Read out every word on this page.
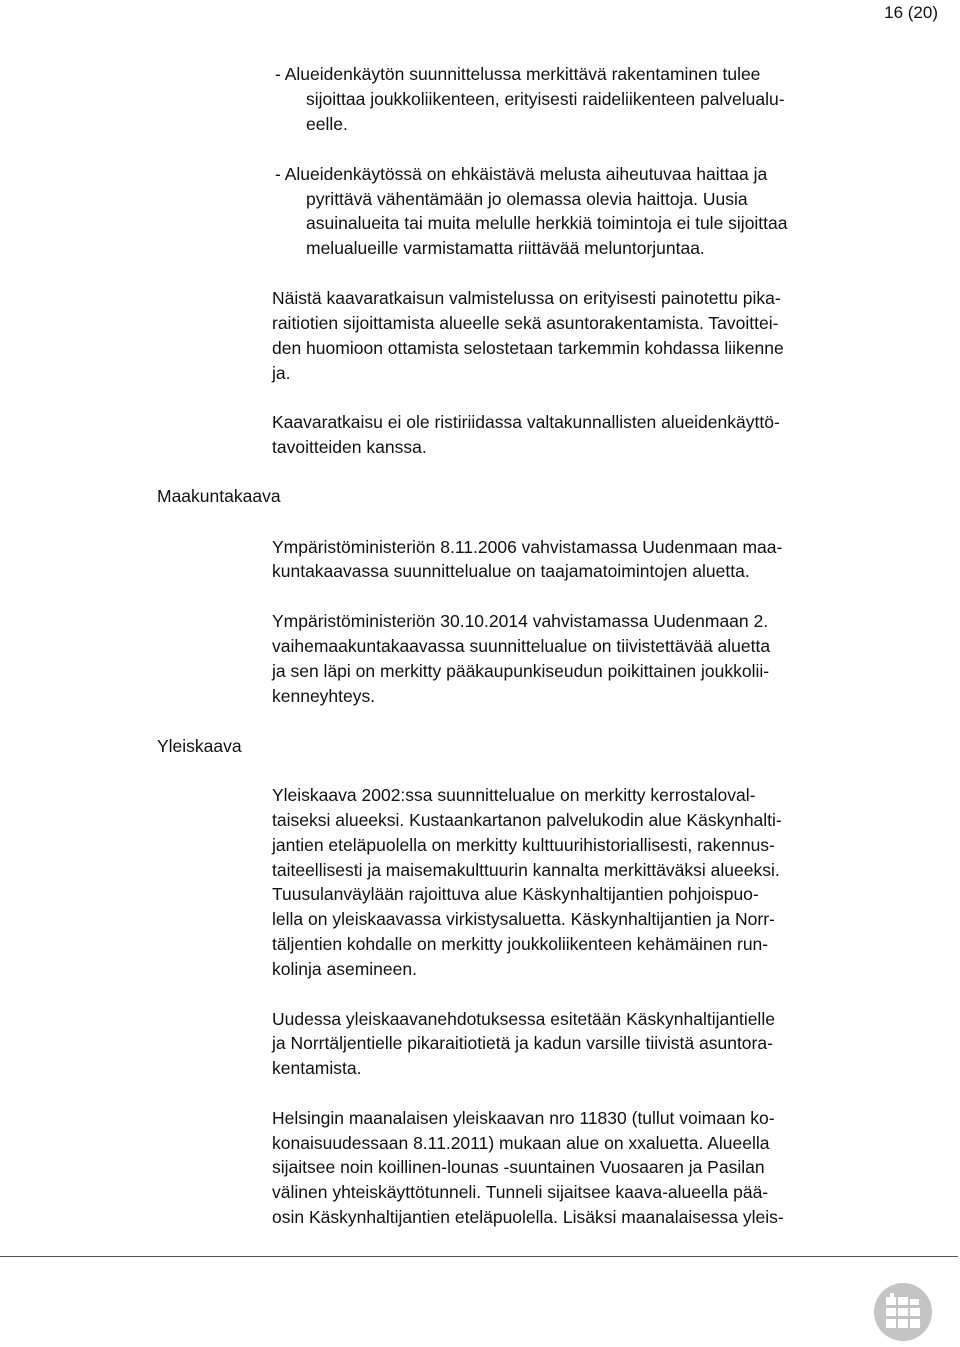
16 (20)
Maakuntakaava
Yleiskaava
- Alueidenkäytön suunnittelussa merkittävä rakentaminen tulee
sijoittaa joukkoliikenteen, erityisesti raideliikenteen palvelualu-
eelle.
- Alueidenkäytössä on ehkäistävä melusta aiheutuvaa haittaa ja
pyrittävä vähentämään jo olemassa olevia haittoja. Uusia
asuinalueita tai muita melulle herkkiä toimintoja ei tule sijoittaa
melualueille varmistamatta riittävää meluntorjuntaa.
Näistä kaavaratkaisun valmistelussa on erityisesti painotettu pika-
raitiotien sijoittamista alueelle sekä asuntorakentamista. Tavoittei-
den huomioon ottamista selostetaan tarkemmin kohdassa liikenne
ja.
Kaavaratkaisu ei ole ristiriidassa valtakunnallisten alueidenkäyttö-
tavoitteiden kanssa.
Ympäristöministeriön 8.11.2006 vahvistamassa Uudenmaan maa-
kuntakaavassa suunnittelualue on taajamatoimintojen aluetta.
Ympäristöministeriön 30.10.2014 vahvistamassa Uudenmaan 2.
vaihemaakuntakaavassa suunnittelualue on tiivistettävää aluetta
ja sen läpi on merkitty pääkaupunkiseudun poikittainen joukkolii-
kenneyhteys.
Yleiskaava 2002:ssa suunnittelualue on merkitty kerrostaloval-
taiseksi alueeksi. Kustaankartanon palvelukodin alue Käskynhalti-
jantien eteläpuolella on merkitty kulttuurihistoriallisesti, rakennus-
taiteellisesti ja maisemakulttuurin kannalta merkittäväksi alueeksi.
Tuusulanväylään rajoittuva alue Käskynhaltijantien pohjoispuo-
lella on yleiskaavassa virkistysaluetta. Käskynhaltijantien ja Norr-
täljentien kohdalle on merkitty joukkoliikenteen kehämäinen run-
kolinja asemineen.
Uudessa yleiskaavanehdotuksessa esitetään Käskynhaltijantielle
ja Norrtäljentielle pikaraitiotietä ja kadun varsille tiivistä asuntora-
kentamista.
Helsingin maanalaisen yleiskaavan nro 11830 (tullut voimaan ko-
konaisuudessaan 8.11.2011) mukaan alue on xxaluetta. Alueella
sijaitsee noin koillinen-lounas -suuntainen Vuosaaren ja Pasilan
välinen yhteiskäyttötunneli. Tunneli sijaitsee kaava-alueella pää-
osin Käskynhaltijantien eteläpuolella. Lisäksi maanalaisessa yleis-
